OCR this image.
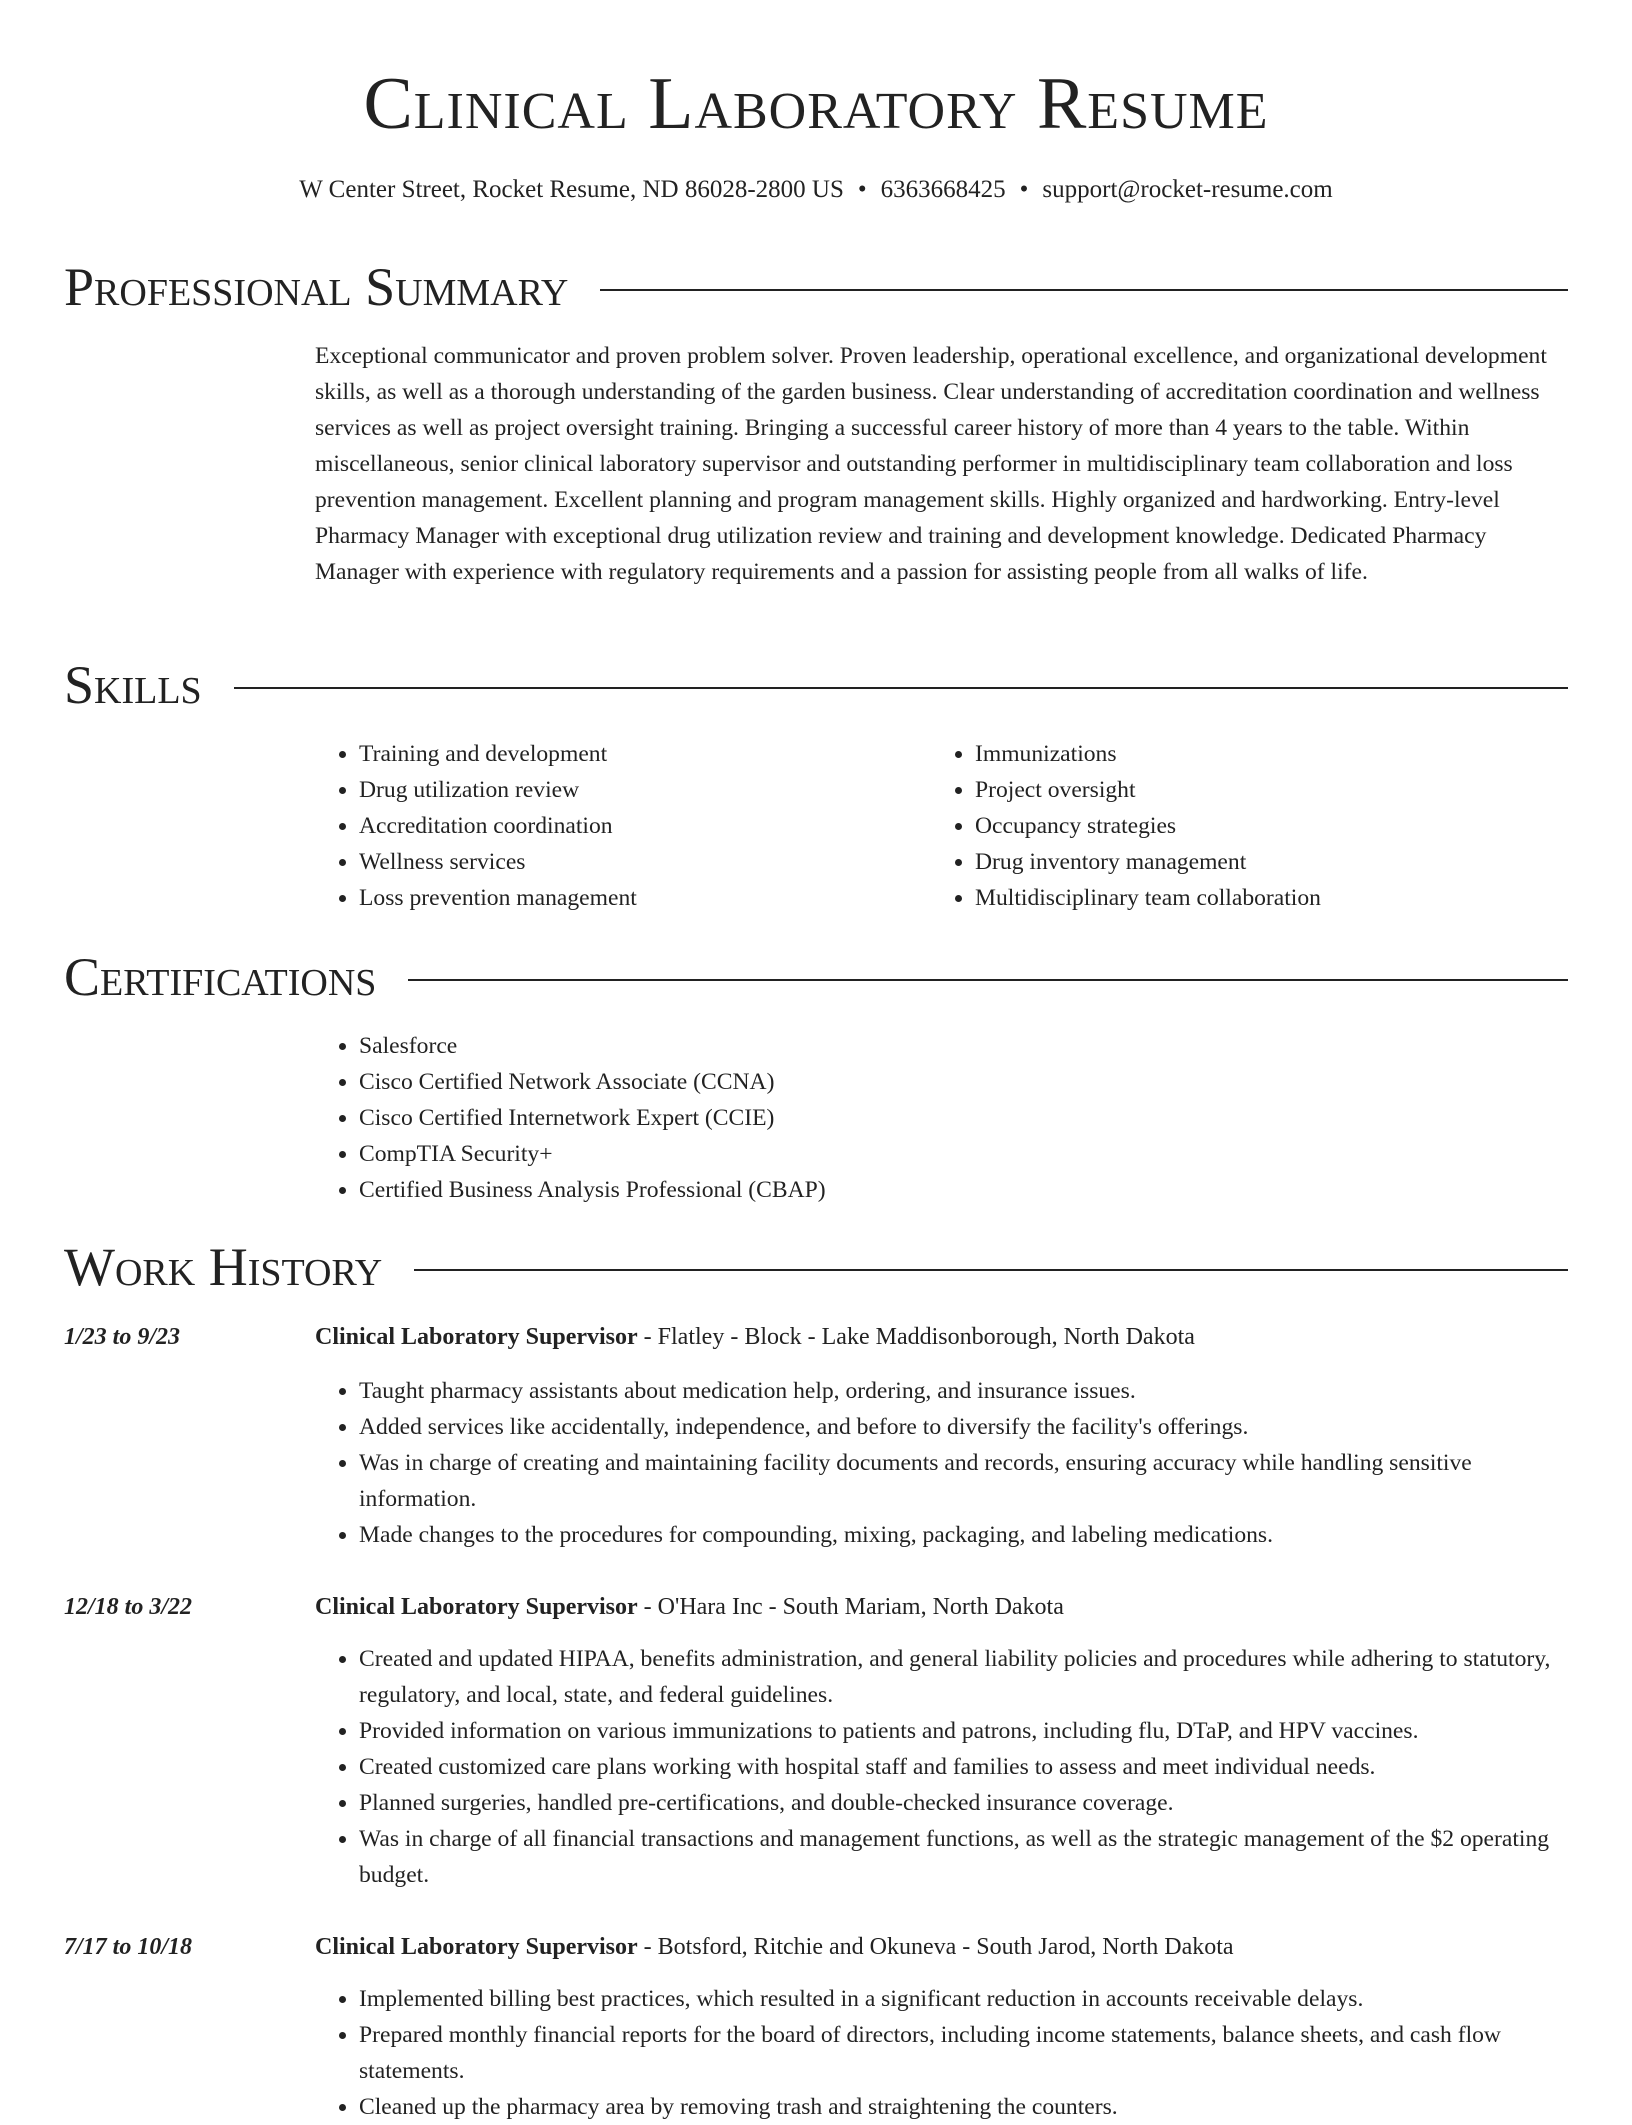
Clinical Laboratory Resume
W Center Street, Rocket Resume, ND 86028-2800 US • 6363668425 • support@rocket-resume.com
Professional Summary

Exceptional communicator and proven problem solver. Proven leadership, operational excellence, and organizational development skills, as well as a thorough understanding of the garden business. Clear understanding of accreditation coordination and wellness services as well as project oversight training. Bringing a successful career history of more than 4 years to the table. Within miscellaneous, senior clinical laboratory supervisor and outstanding performer in multidisciplinary team collaboration and loss prevention management. Excellent planning and program management skills. Highly organized and hardworking. Entry-level Pharmacy Manager with exceptional drug utilization review and training and development knowledge. Dedicated Pharmacy Manager with experience with regulatory requirements and a passion for assisting people from all walks of life.

Skills
• Training and development
• Drug utilization review
• Accreditation coordination
• Wellness services
• Loss prevention management
• Immunizations
• Project oversight
• Occupancy strategies
• Drug inventory management
• Multidisciplinary team collaboration
Certifications
• Salesforce
• Cisco Certified Network Associate (CCNA)
• Cisco Certified Internetwork Expert (CCIE)
• CompTIA Security+
• Certified Business Analysis Professional (CBAP)
Work History
1/23 to 9/23	Clinical Laboratory Supervisor - Flatley - Block - Lake Maddisonborough, North Dakota
• Taught pharmacy assistants about medication help, ordering, and insurance issues.
• Added services like accidentally, independence, and before to diversify the facility's offerings.
• Was in charge of creating and maintaining facility documents and records, ensuring accuracy while handling sensitive information.
• Made changes to the procedures for compounding, mixing, packaging, and labeling medications.
12/18 to 3/22	Clinical Laboratory Supervisor - O'Hara Inc - South Mariam, North Dakota
• Created and updated HIPAA, benefits administration, and general liability policies and procedures while adhering to statutory, regulatory, and local, state, and federal guidelines.
• Provided information on various immunizations to patients and patrons, including flu, DTaP, and HPV vaccines.
• Created customized care plans working with hospital staff and families to assess and meet individual needs.
• Planned surgeries, handled pre-certifications, and double-checked insurance coverage.
• Was in charge of all financial transactions and management functions, as well as the strategic management of the $2 operating budget.
7/17 to 10/18	Clinical Laboratory Supervisor - Botsford, Ritchie and Okuneva - South Jarod, North Dakota
• Implemented billing best practices, which resulted in a significant reduction in accounts receivable delays.
• Prepared monthly financial reports for the board of directors, including income statements, balance sheets, and cash flow statements.
• Cleaned up the pharmacy area by removing trash and straightening the counters.
